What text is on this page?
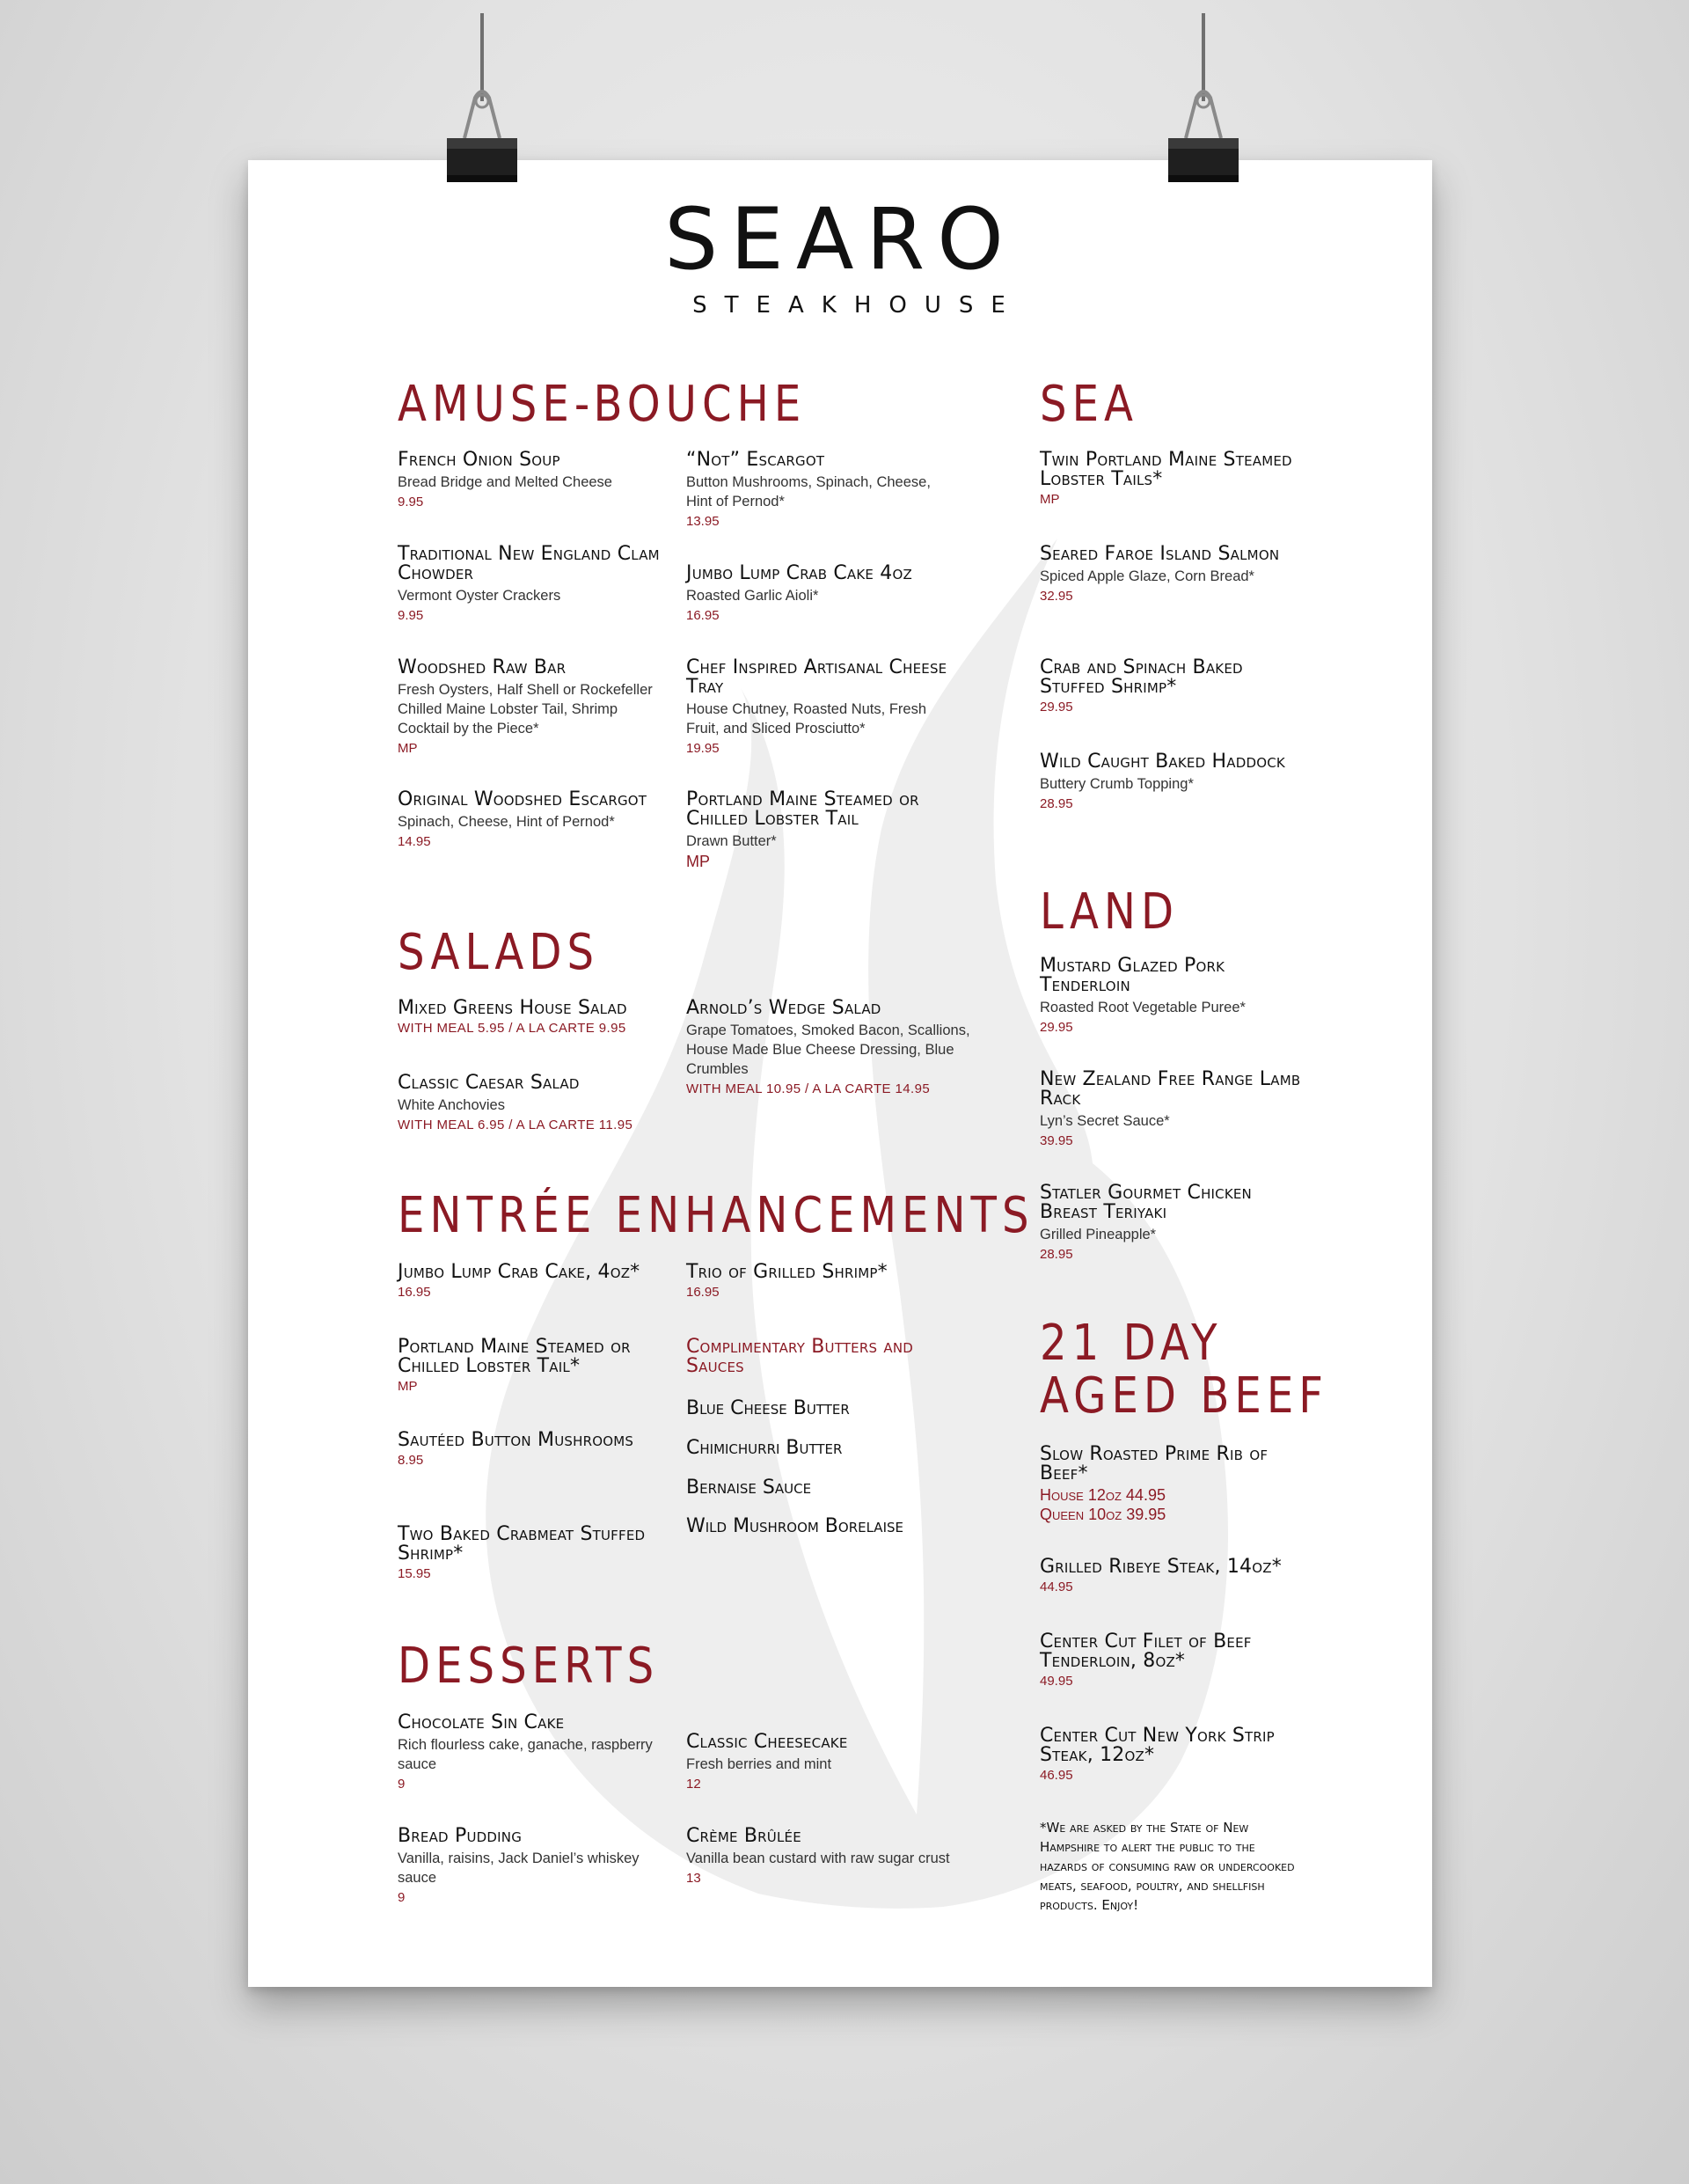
SEARO
STEAKHOUSE
AMUSE-BOUCHE
French Onion Soup
Bread Bridge and Melted Cheese
9.95
“Not” Escargot
Button Mushrooms, Spinach, Cheese, Hint of Pernod*
13.95
Traditional New England Clam Chowder
Vermont Oyster Crackers
9.95
Jumbo Lump Crab Cake 4oz
Roasted Garlic Aioli*
16.95
Woodshed Raw Bar
Fresh Oysters, Half Shell or Rockefeller Chilled Maine Lobster Tail, Shrimp Cocktail by the Piece*
MP
Chef Inspired Artisanal Cheese Tray
House Chutney, Roasted Nuts, Fresh Fruit, and Sliced Prosciutto*
19.95
Original Woodshed Escargot
Spinach, Cheese, Hint of Pernod*
14.95
Portland Maine Steamed or Chilled Lobster Tail
Drawn Butter*
MP
SALADS
Mixed Greens House Salad
WITH MEAL 5.95 / A LA CARTE 9.95
Arnold’s Wedge Salad
Grape Tomatoes, Smoked Bacon, Scallions, House Made Blue Cheese Dressing, Blue Crumbles
WITH MEAL 10.95 / A LA CARTE 14.95
Classic Caesar Salad
White Anchovies
WITH MEAL 6.95 / A LA CARTE 11.95
ENTRÉE ENHANCEMENTS
Jumbo Lump Crab Cake, 4oz*
16.95
Trio of Grilled Shrimp*
16.95
Portland Maine Steamed or Chilled Lobster Tail*
MP
Sautéed Button Mushrooms
8.95
Two Baked Crabmeat Stuffed Shrimp*
15.95
Complimentary Butters and Sauces
Blue Cheese Butter
Chimichurri Butter
Bernaise Sauce
Wild Mushroom Borelaise
DESSERTS
Chocolate Sin Cake
Rich flourless cake, ganache, raspberry sauce
9
Classic Cheesecake
Fresh berries and mint
12
Bread Pudding
Vanilla, raisins, Jack Daniel’s whiskey sauce
9
Crème Brûlée
Vanilla bean custard with raw sugar crust
13
SEA
Twin Portland Maine Steamed Lobster Tails*
MP
Seared Faroe Island Salmon
Spiced Apple Glaze, Corn Bread*
32.95
Crab and Spinach Baked Stuffed Shrimp*
29.95
Wild Caught Baked Haddock
Buttery Crumb Topping*
28.95
LAND
Mustard Glazed Pork Tenderloin
Roasted Root Vegetable Puree*
29.95
New Zealand Free Range Lamb Rack
Lyn’s Secret Sauce*
39.95
Statler Gourmet Chicken Breast Teriyaki
Grilled Pineapple*
28.95
21 DAY
AGED BEEF
Slow Roasted Prime Rib of Beef*
House 12oz 44.95
Queen 10oz 39.95
Grilled Ribeye Steak, 14oz*
44.95
Center Cut Filet of Beef Tenderloin, 8oz*
49.95
Center Cut New York Strip Steak, 12oz*
46.95
*We are asked by the State of New Hampshire to alert the public to the hazards of consuming raw or undercooked meats, seafood, poultry, and shellfish products. Enjoy!
